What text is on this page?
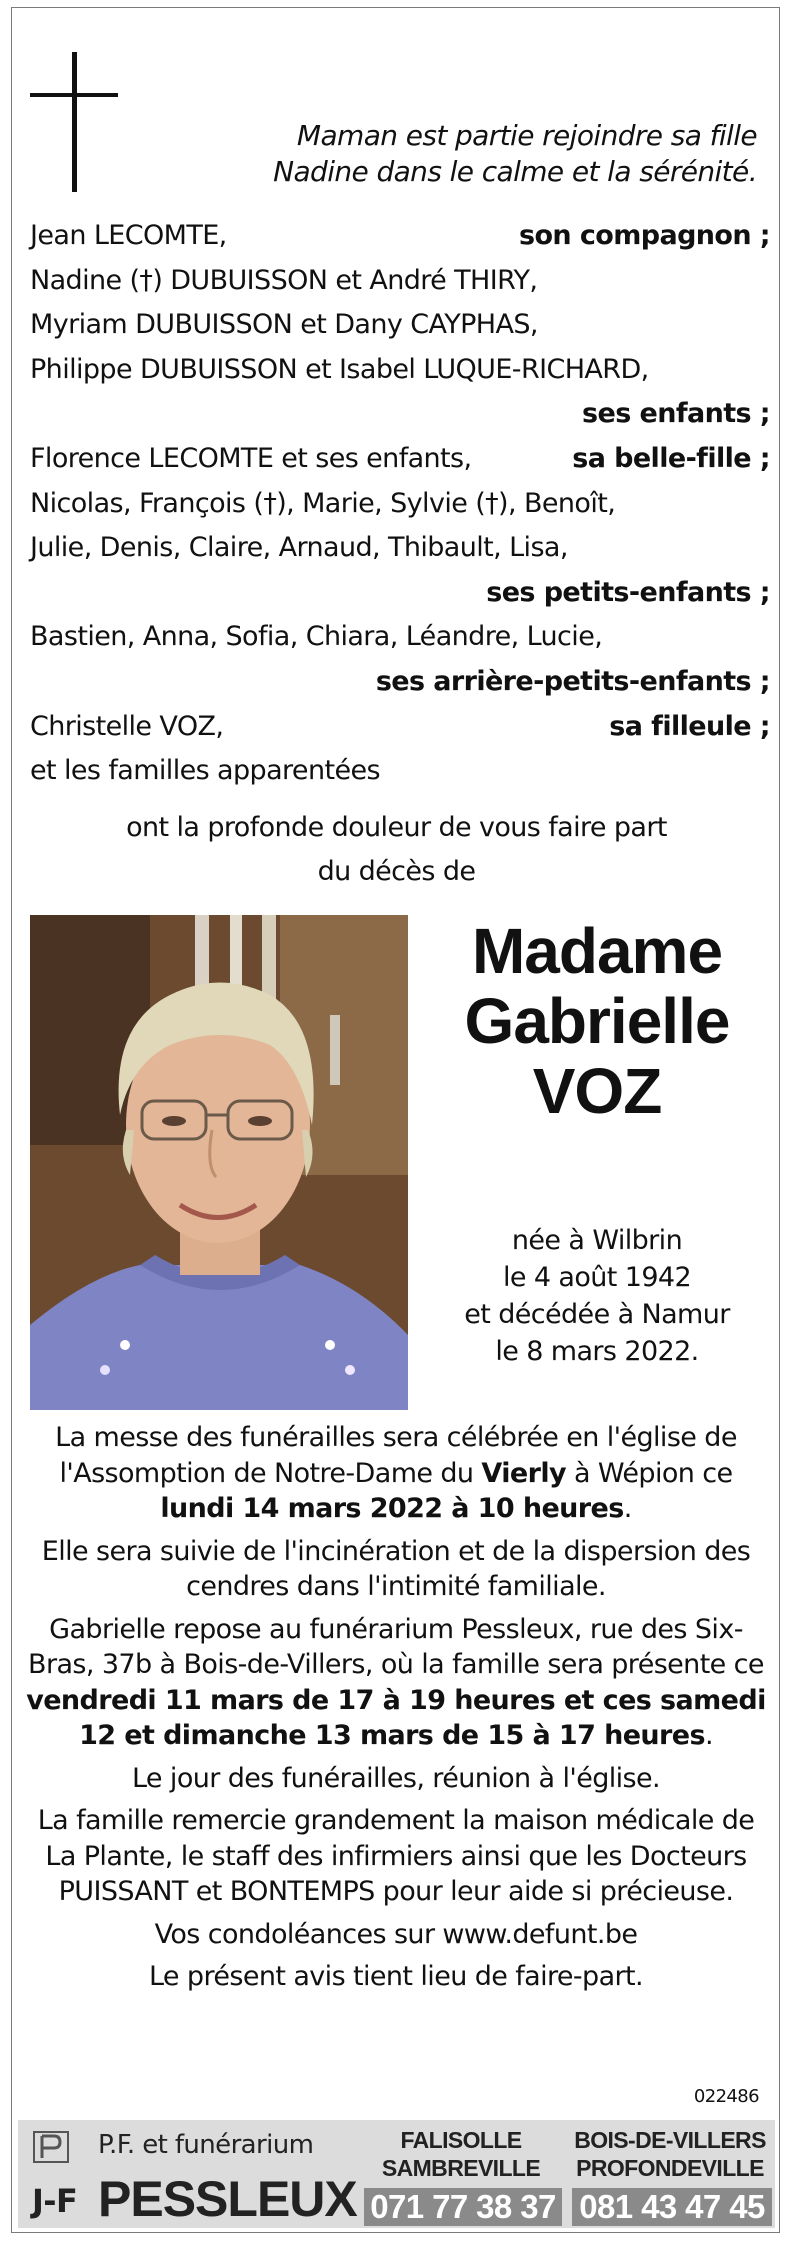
Maman est partie rejoindre sa fille
Nadine dans le calme et la sérénité.
Jean LECOMTE,	son compagnon ;
Nadine (†) DUBUISSON et André THIRY,
Myriam DUBUISSON et Dany CAYPHAS,
Philippe DUBUISSON et Isabel LUQUE-RICHARD,
ses enfants ;
Florence LECOMTE et ses enfants,	sa belle-fille ;
Nicolas, François (†), Marie, Sylvie (†), Benoît,
Julie, Denis, Claire, Arnaud, Thibault, Lisa,
ses petits-enfants ;
Bastien, Anna, Sofia, Chiara, Léandre, Lucie,
ses arrière-petits-enfants ;
Christelle VOZ,	sa filleule ;
et les familles apparentées
ont la profonde douleur de vous faire part
du décès de
Madame
Gabrielle
VOZ
née à Wilbrin
le 4 août 1942
et décédée à Namur
le 8 mars 2022.

La messe des funérailles sera célébrée en l'église de l'Assomption de Notre-Dame du Vierly à Wépion ce lundi 14 mars 2022 à 10 heures.

Elle sera suivie de l'incinération et de la dispersion des cendres dans l'intimité familiale.

Gabrielle repose au funérarium Pessleux, rue des Six-Bras, 37b à Bois-de-Villers, où la famille sera présente ce vendredi 11 mars de 17 à 19 heures et ces samedi 12 et dimanche 13 mars de 15 à 17 heures.

Le jour des funérailles, réunion à l'église.

La famille remercie grandement la maison médicale de La Plante, le staff des infirmiers ainsi que les Docteurs PUISSANT et BONTEMPS pour leur aide si précieuse.

Vos condoléances sur www.defunt.be

Le présent avis tient lieu de faire-part.

022486
P.F. et funérarium
J-F PESSLEUX
FALISOLLE
SAMBREVILLE
BOIS-DE-VILLERS
PROFONDEVILLE
071 77 38 37 081 43 47 45
